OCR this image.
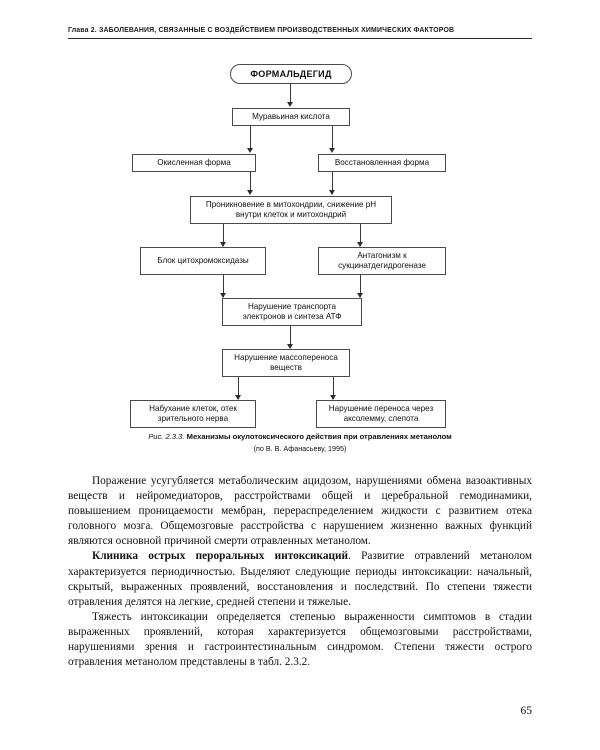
Глава 2. ЗАБОЛЕВАНИЯ, СВЯЗАННЫЕ С ВОЗДЕЙСТВИЕМ ПРОИЗВОДСТВЕННЫХ ХИМИЧЕСКИХ ФАКТОРОВ
ФОРМАЛЬДЕГИД
Муравьиная кислота
Окисленная форма	Восстановленная форма
Проникновение в митохондрии, снижение рН внутри клеток и митохондрий
Блок цитохромоксидазы
Антагонизм к сукцинатдегидрогеназе
Нарушение транспорта электронов и синтеза АТФ
Нарушение массопереноса веществ
Набухание клеток, отек зрительного нерва
Нарушение переноса через аксолемму, слепота
Рис. 2.3.3. Механизмы окулотоксического действия при отравлениях метанолом
(по В. В. Афанасьеву, 1995)

Поражение усугубляется метаболическим ацидозом, нарушениями обмена вазоактивных веществ и нейромедиаторов, расстройствами общей и церебральной гемодинамики, повышением проницаемости мембран, перераспределением жидкости с развитием отека головного мозга. Общемозговые расстройства с нарушением жизненно важных функций являются основной причиной смерти отравленных метанолом.

Клиника острых пероральных интоксикаций. Развитие отравлений метанолом характеризуется периодичностью. Выделяют следующие периоды интоксикации: начальный, скрытый, выраженных проявлений, восстановления и последствий. По степени тяжести отравления делятся на легкие, средней степени и тяжелые.

Тяжесть интоксикации определяется степенью выраженности симптомов в стадии выраженных проявлений, которая характеризуется общемозговыми расстройствами, нарушениями зрения и гастроинтестинальным синдромом. Степени тяжести острого отравления метанолом представлены в табл. 2.3.2.

65
